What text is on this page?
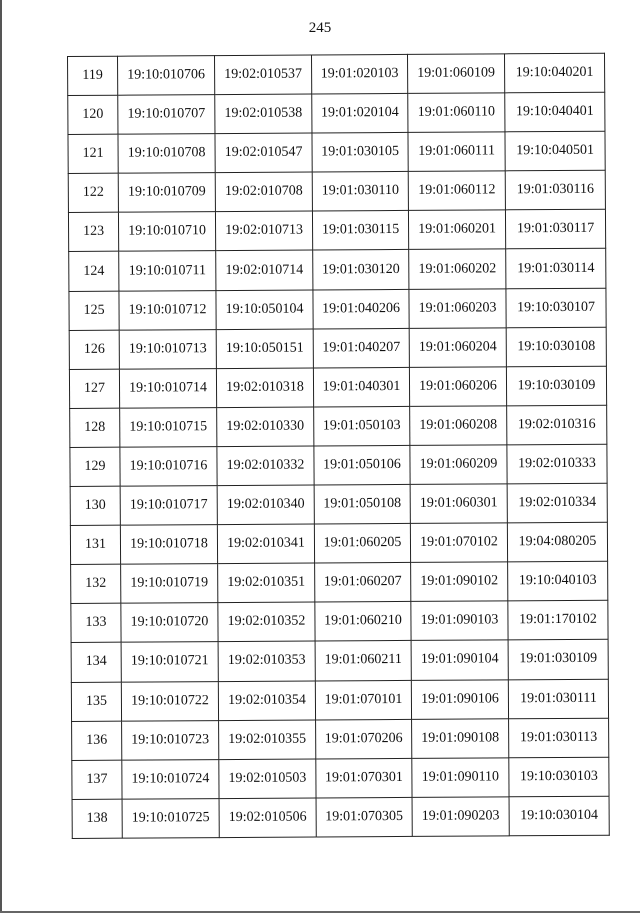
245
119	19:10:010706	19:02:010537	19:01:020103	19:01:060109	19:10:040201
120	19:10:010707	19:02:010538	19:01:020104	19:01:060110	19:10:040401
121	19:10:010708	19:02:010547	19:01:030105	19:01:060111	19:10:040501
122	19:10:010709	19:02:010708	19:01:030110	19:01:060112	19:01:030116
123	19:10:010710	19:02:010713	19:01:030115	19:01:060201	19:01:030117
124	19:10:010711	19:02:010714	19:01:030120	19:01:060202	19:01:030114
125	19:10:010712	19:10:050104	19:01:040206	19:01:060203	19:10:030107
126	19:10:010713	19:10:050151	19:01:040207	19:01:060204	19:10:030108
127	19:10:010714	19:02:010318	19:01:040301	19:01:060206	19:10:030109
128	19:10:010715	19:02:010330	19:01:050103	19:01:060208	19:02:010316
129	19:10:010716	19:02:010332	19:01:050106	19:01:060209	19:02:010333
130	19:10:010717	19:02:010340	19:01:050108	19:01:060301	19:02:010334
131	19:10:010718	19:02:010341	19:01:060205	19:01:070102	19:04:080205
132	19:10:010719	19:02:010351	19:01:060207	19:01:090102	19:10:040103
133	19:10:010720	19:02:010352	19:01:060210	19:01:090103	19:01:170102
134	19:10:010721	19:02:010353	19:01:060211	19:01:090104	19:01:030109
135	19:10:010722	19:02:010354	19:01:070101	19:01:090106	19:01:030111
136	19:10:010723	19:02:010355	19:01:070206	19:01:090108	19:01:030113
137	19:10:010724	19:02:010503	19:01:070301	19:01:090110	19:10:030103
138	19:10:010725	19:02:010506	19:01:070305	19:01:090203	19:10:030104
